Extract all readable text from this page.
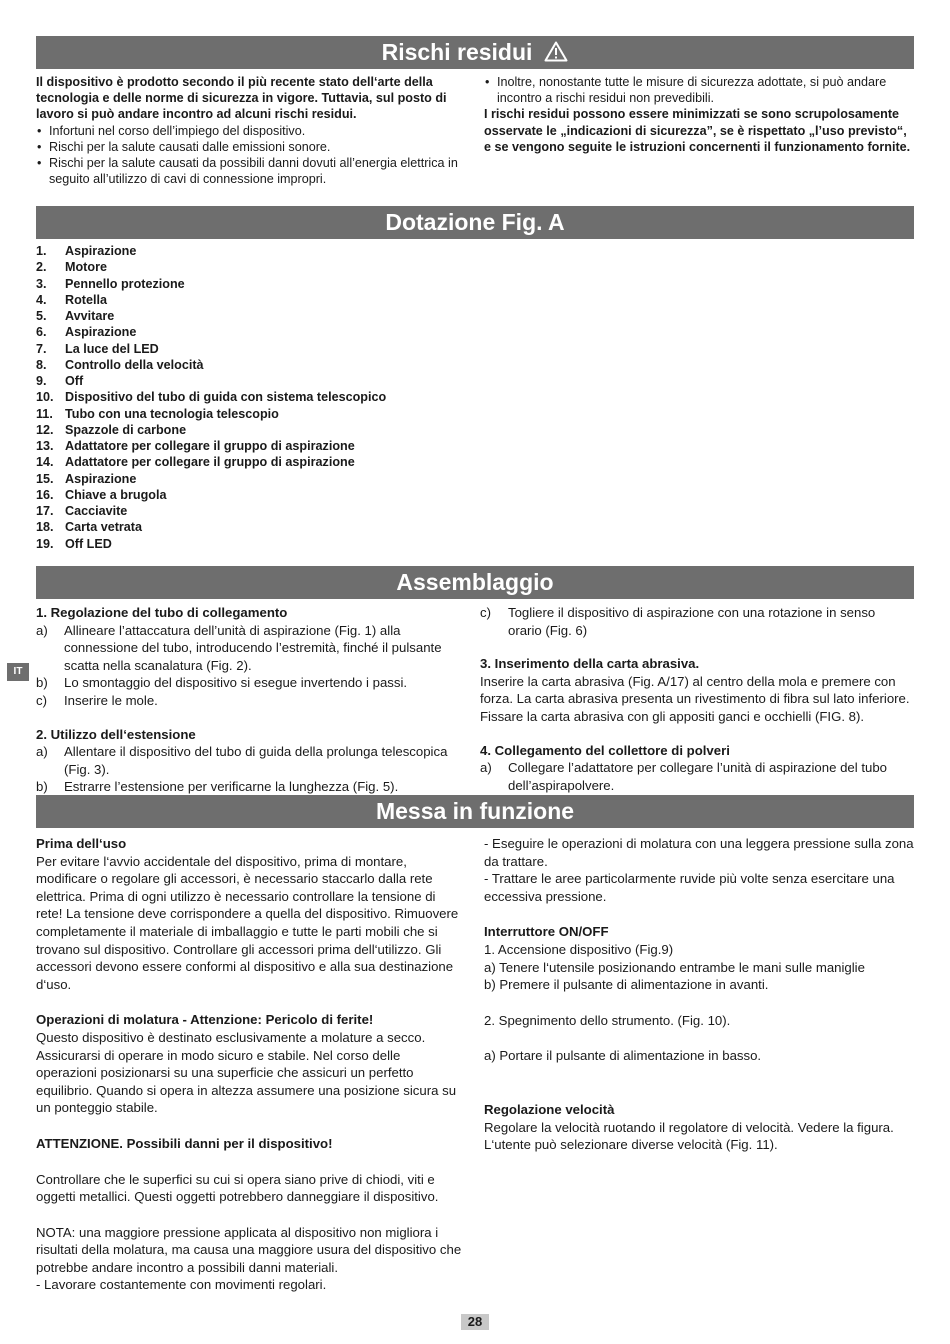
Rischi residui

Il dispositivo è prodotto secondo il più recente stato dell‘arte della tecnologia e delle norme di sicurezza in vigore. Tuttavia, sul posto di lavoro si può andare incontro ad alcuni rischi residui.

• Infortuni nel corso dell’impiego del dispositivo.

• Rischi per la salute causati dalle emissioni sonore.

• Rischi per la salute causati da possibili danni dovuti all’energia elettrica in seguito all’utilizzo di cavi di connessione impropri.

• Inoltre, nonostante tutte le misure di sicurezza adottate, si può andare incontro a rischi residui non prevedibili.

I rischi residui possono essere minimizzati se sono scrupolosamente osservate le „indicazioni di sicurezza”, se è rispettato „l’uso previsto“, e se vengono seguite le istruzioni concernenti il funzionamento fornite.

Dotazione Fig. A
1. Aspirazione
2. Motore
3. Pennello protezione
4. Rotella
5. Avvitare
6. Aspirazione
7. La luce del LED
8. Controllo della velocità
9. Off
10. Dispositivo del tubo di guida con sistema telescopico
11. Tubo con una tecnologia telescopio
12. Spazzole di carbone
13. Adattatore per collegare il gruppo di aspirazione
14. Adattatore per collegare il gruppo di aspirazione
15. Aspirazione
16. Chiave a brugola
17. Cacciavite
18. Carta vetrata
19. Off LED
Assemblaggio
IT

1. Regolazione del tubo di collegamento

a) Allineare l’attaccatura dell’unità di aspirazione (Fig. 1) alla connessione del tubo, introducendo l’estremità, finché il pulsante scatta nella scanalatura (Fig. 2).

b) Lo smontaggio del dispositivo si esegue invertendo i passi.

c) Inserire le mole.

2. Utilizzo dell‘estensione

a) Allentare il dispositivo del tubo di guida della prolunga telescopica (Fig. 3).

b) Estrarre l’estensione per verificarne la lunghezza (Fig. 5).

c) Togliere il dispositivo di aspirazione con una rotazione in senso orario (Fig. 6)

3. Inserimento della carta abrasiva.

Inserire la carta abrasiva (Fig. A/17) al centro della mola e premere con forza. La carta abrasiva presenta un rivestimento di fibra sul lato inferiore. Fissare la carta abrasiva con gli appositi ganci e occhielli (FIG. 8).

4. Collegamento del collettore di polveri

a) Collegare l’adattatore per collegare l’unità di aspirazione del tubo dell’aspirapolvere.

Messa in funzione

Prima dell‘uso

Per evitare l‘avvio accidentale del dispositivo, prima di montare, modificare o regolare gli accessori, è necessario staccarlo dalla rete elettrica. Prima di ogni utilizzo è necessario controllare la tensione di rete! La tensione deve corrispondere a quella del dispositivo. Rimuovere completamente il materiale di imballaggio e tutte le parti mobili che si trovano sul dispositivo. Controllare gli accessori prima dell‘utilizzo. Gli accessori devono essere conformi al dispositivo e alla sua destinazione d‘uso.

Operazioni di molatura - Attenzione: Pericolo di ferite!

Questo dispositivo è destinato esclusivamente a molature a secco. Assicurarsi di operare in modo sicuro e stabile. Nel corso delle operazioni posizionarsi su una superficie che assicuri un perfetto equilibrio. Quando si opera in altezza assumere una posizione sicura su un ponteggio stabile.

ATTENZIONE. Possibili danni per il dispositivo!

Controllare che le superfici su cui si opera siano prive di chiodi, viti e oggetti metallici. Questi oggetti potrebbero danneggiare il dispositivo.

NOTA: una maggiore pressione applicata al dispositivo non migliora i risultati della molatura, ma causa una maggiore usura del dispositivo che potrebbe andare incontro a possibili danni materiali.

- Lavorare costantemente con movimenti regolari.

- Eseguire le operazioni di molatura con una leggera pressione sulla zona da trattare.

- Trattare le aree particolarmente ruvide più volte senza esercitare una eccessiva pressione.

Interruttore ON/OFF

1. Accensione dispositivo (Fig.9)

a) Tenere l‘utensile posizionando entrambe le mani sulle maniglie

b) Premere il pulsante di alimentazione in avanti.

2. Spegnimento dello strumento. (Fig. 10).

a) Portare il pulsante di alimentazione in basso.

Regolazione velocità

Regolare la velocità ruotando il regolatore di velocità. Vedere la figura. L‘utente può selezionare diverse velocità (Fig. 11).

28
